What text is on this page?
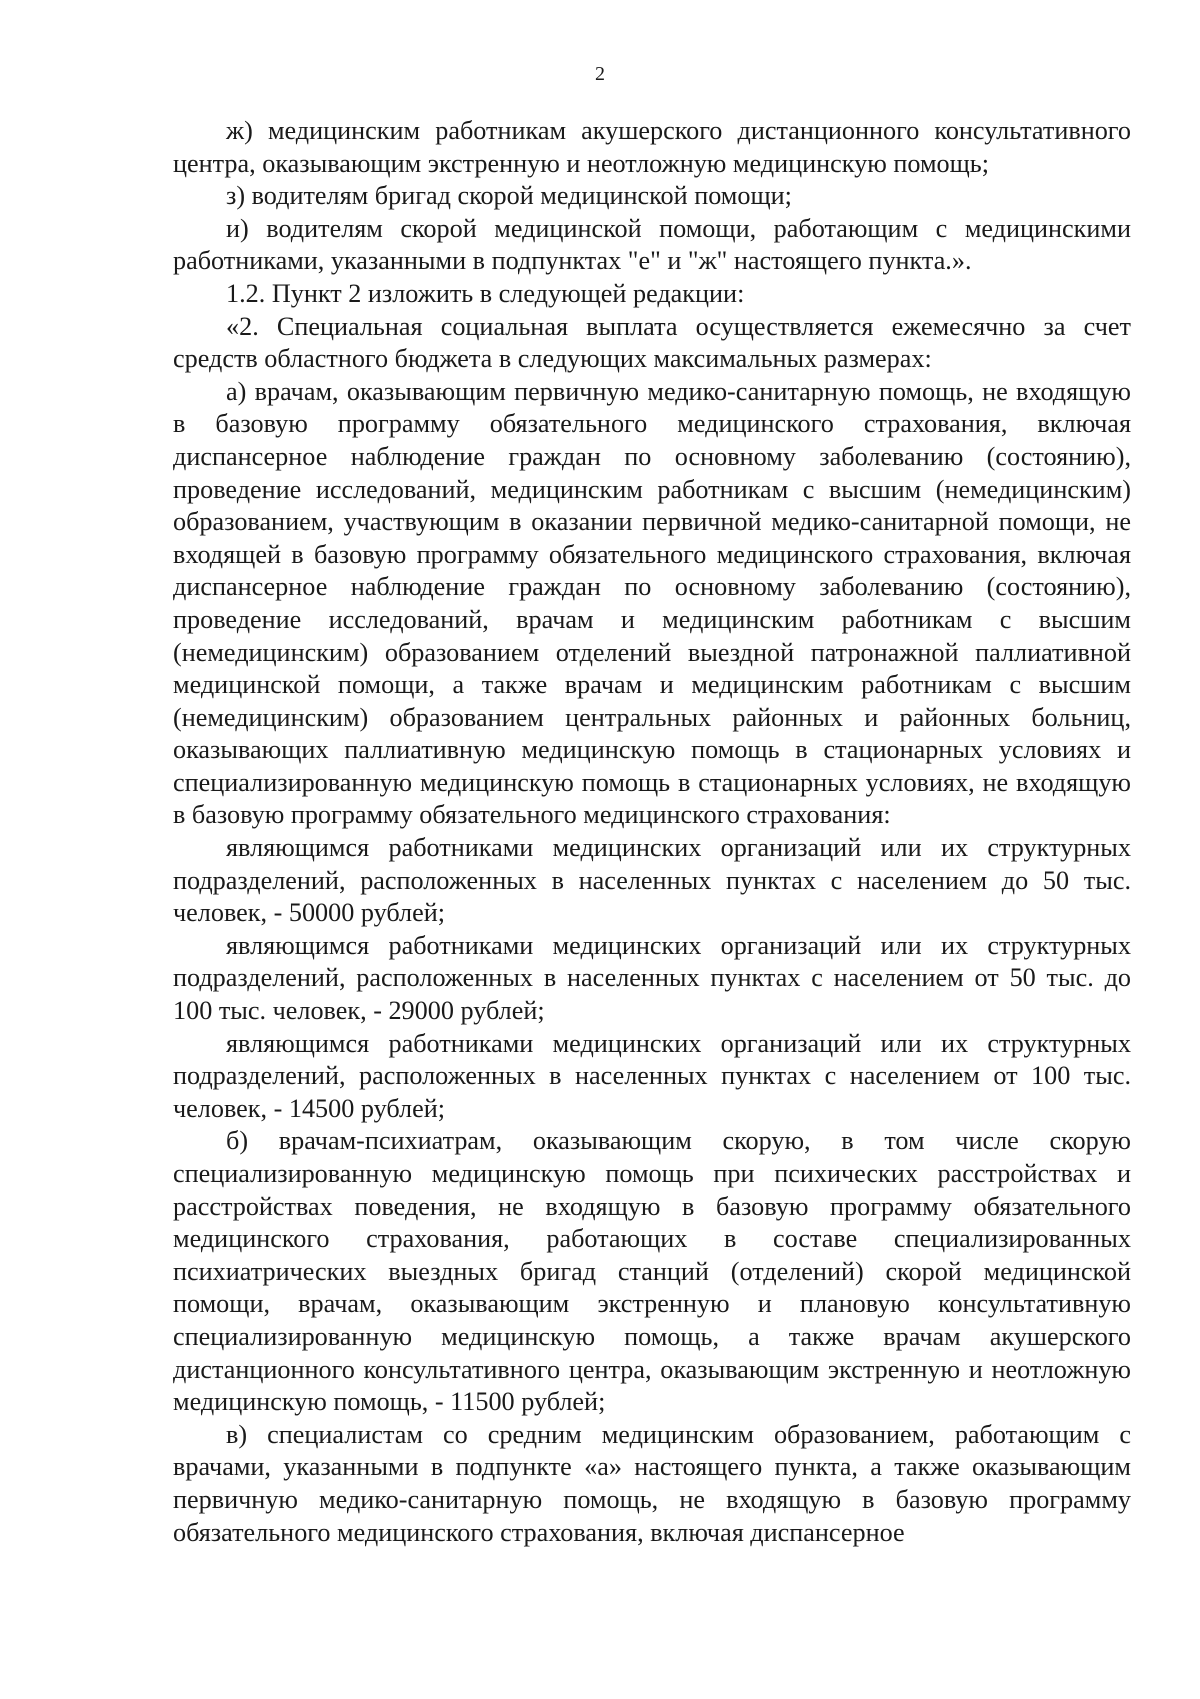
2

ж) медицинским работникам акушерского дистанционного консультативного центра, оказывающим экстренную и неотложную медицинскую помощь;

з) водителям бригад скорой медицинской помощи;

и) водителям скорой медицинской помощи, работающим с медицинскими работниками, указанными в подпунктах "е" и "ж" настоящего пункта.».

1.2. Пункт 2 изложить в следующей редакции:

«2. Специальная социальная выплата осуществляется ежемесячно за счет средств областного бюджета в следующих максимальных размерах:

а) врачам, оказывающим первичную медико-санитарную помощь, не входящую в базовую программу обязательного медицинского страхования, включая диспансерное наблюдение граждан по основному заболеванию (состоянию), проведение исследований, медицинским работникам с высшим (немедицинским) образованием, участвующим в оказании первичной медико-санитарной помощи, не входящей в базовую программу обязательного медицинского страхования, включая диспансерное наблюдение граждан по основному заболеванию (состоянию), проведение исследований, врачам и медицинским работникам с высшим (немедицинским) образованием отделений выездной патронажной паллиативной медицинской помощи, а также врачам и медицинским работникам с высшим (немедицинским) образованием центральных районных и районных больниц, оказывающих паллиативную медицинскую помощь в стационарных условиях и специализированную медицинскую помощь в стационарных условиях, не входящую в базовую программу обязательного медицинского страхования:

являющимся работниками медицинских организаций или их структурных подразделений, расположенных в населенных пунктах с населением до 50 тыс. человек, - 50000 рублей;

являющимся работниками медицинских организаций или их структурных подразделений, расположенных в населенных пунктах с населением от 50 тыс. до 100 тыс. человек, - 29000 рублей;

являющимся работниками медицинских организаций или их структурных подразделений, расположенных в населенных пунктах с населением от 100 тыс. человек, - 14500 рублей;

б) врачам-психиатрам, оказывающим скорую, в том числе скорую специализированную медицинскую помощь при психических расстройствах и расстройствах поведения, не входящую в базовую программу обязательного медицинского страхования, работающих в составе специализированных психиатрических выездных бригад станций (отделений) скорой медицинской помощи, врачам, оказывающим экстренную и плановую консультативную специализированную медицинскую помощь, а также врачам акушерского дистанционного консультативного центра, оказывающим экстренную и неотложную медицинскую помощь, - 11500 рублей;

в) специалистам со средним медицинским образованием, работающим с врачами, указанными в подпункте «а» настоящего пункта, а также оказывающим первичную медико-санитарную помощь, не входящую в базовую программу обязательного медицинского страхования, включая диспансерное
